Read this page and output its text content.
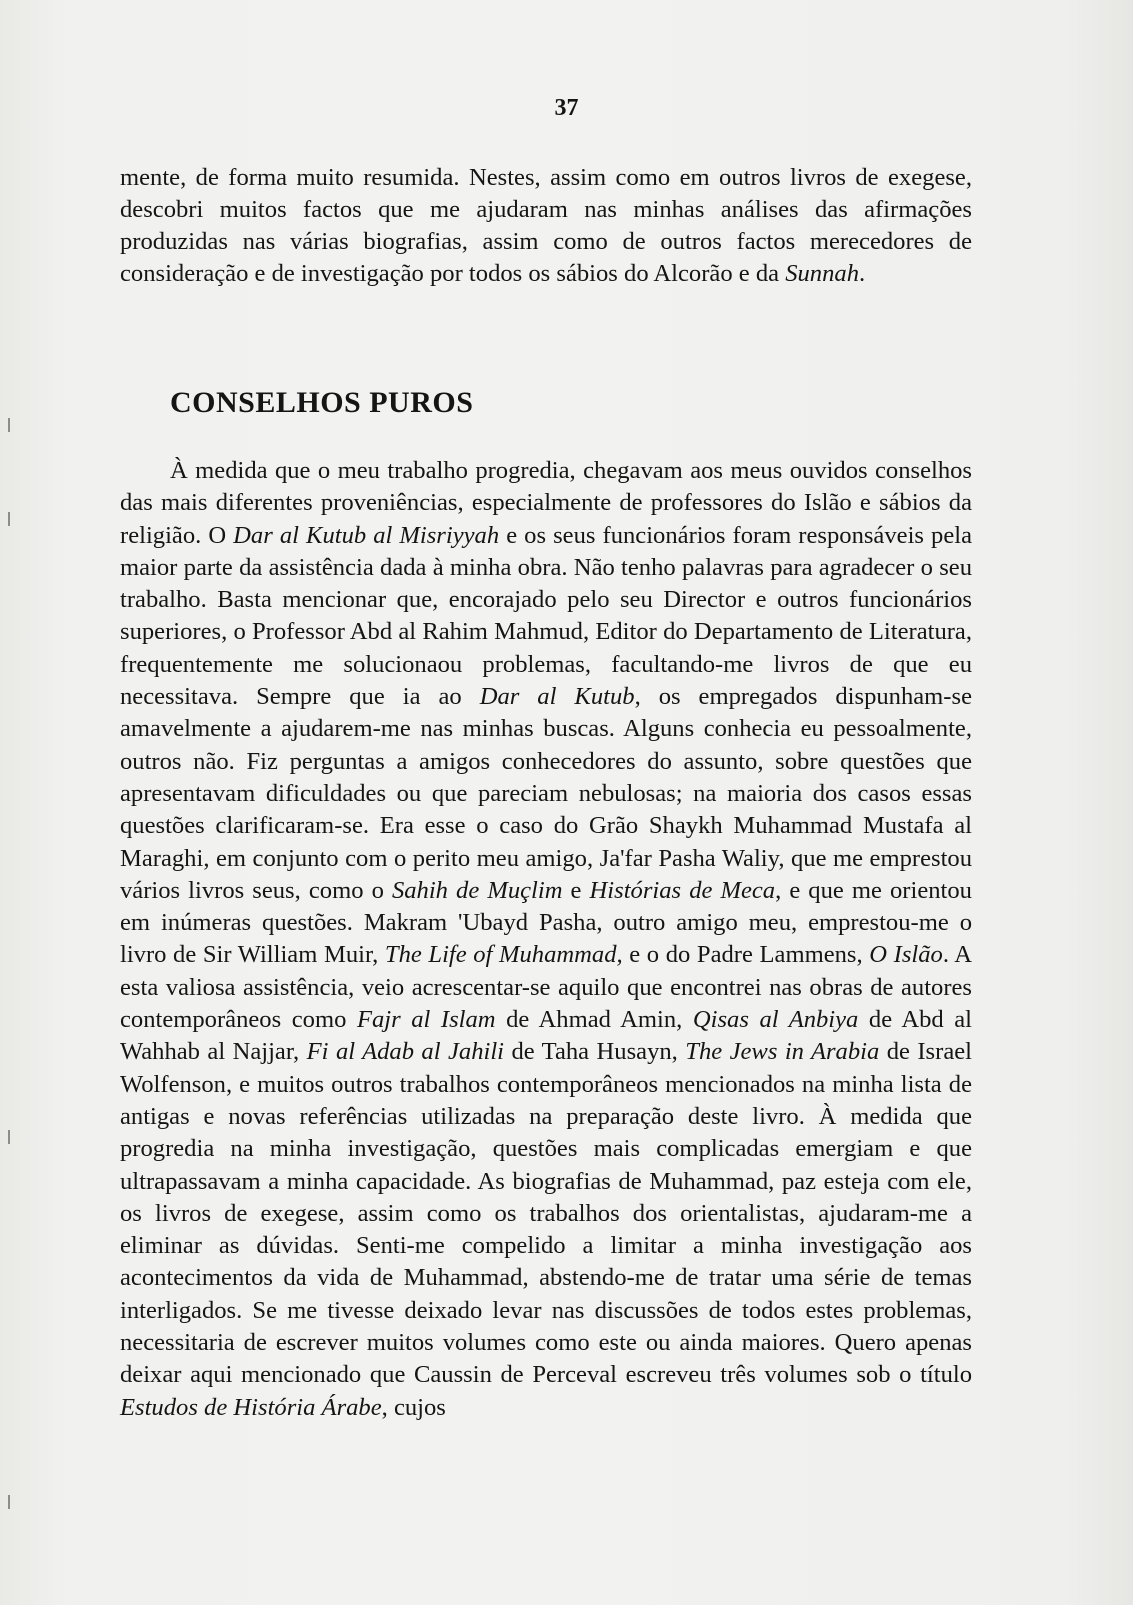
37

mente, de forma muito resumida. Nestes, assim como em outros livros de exegese, descobri muitos factos que me ajudaram nas minhas análises das afirmações produzidas nas várias biografias, assim como de outros factos merecedores de consideração e de investigação por todos os sábios do Alcorão e da Sunnah.

CONSELHOS PUROS

À medida que o meu trabalho progredia, chegavam aos meus ouvidos conselhos das mais diferentes proveniências, especialmente de professores do Islão e sábios da religião. O Dar al Kutub al Misriyyah e os seus funcionários foram responsáveis pela maior parte da assistência dada à minha obra. Não tenho palavras para agradecer o seu trabalho. Basta mencionar que, encorajado pelo seu Director e outros funcionários superiores, o Professor Abd al Rahim Mahmud, Editor do Departamento de Literatura, frequentemente me solucionaou problemas, facultando-me livros de que eu necessitava. Sempre que ia ao Dar al Kutub, os empregados dispunham-se amavelmente a ajudarem-me nas minhas buscas. Alguns conhecia eu pessoalmente, outros não. Fiz perguntas a amigos conhecedores do assunto, sobre questões que apresentavam dificuldades ou que pareciam nebulosas; na maioria dos casos essas questões clarificaram-se. Era esse o caso do Grão Shaykh Muhammad Mustafa al Maraghi, em conjunto com o perito meu amigo, Ja'far Pasha Waliy, que me emprestou vários livros seus, como o Sahih de Muçlim e Histórias de Meca, e que me orientou em inúmeras questões. Makram 'Ubayd Pasha, outro amigo meu, emprestou-me o livro de Sir William Muir, The Life of Muhammad, e o do Padre Lammens, O Islão. A esta valiosa assistência, veio acrescentar-se aquilo que encontrei nas obras de autores contemporâneos como Fajr al Islam de Ahmad Amin, Qisas al Anbiya de Abd al Wahhab al Najjar, Fi al Adab al Jahili de Taha Husayn, The Jews in Arabia de Israel Wolfenson, e muitos outros trabalhos contemporâneos mencionados na minha lista de antigas e novas referências utilizadas na preparação deste livro. À medida que progredia na minha investigação, questões mais complicadas emergiam e que ultrapassavam a minha capacidade. As biografias de Muhammad, paz esteja com ele, os livros de exegese, assim como os trabalhos dos orientalistas, ajudaram-me a eliminar as dúvidas. Senti-me compelido a limitar a minha investigação aos acontecimentos da vida de Muhammad, abstendo-me de tratar uma série de temas interligados. Se me tivesse deixado levar nas discussões de todos estes problemas, necessitaria de escrever muitos volumes como este ou ainda maiores. Quero apenas deixar aqui mencionado que Caussin de Perceval escreveu três volumes sob o título Estudos de História Árabe, cujos
